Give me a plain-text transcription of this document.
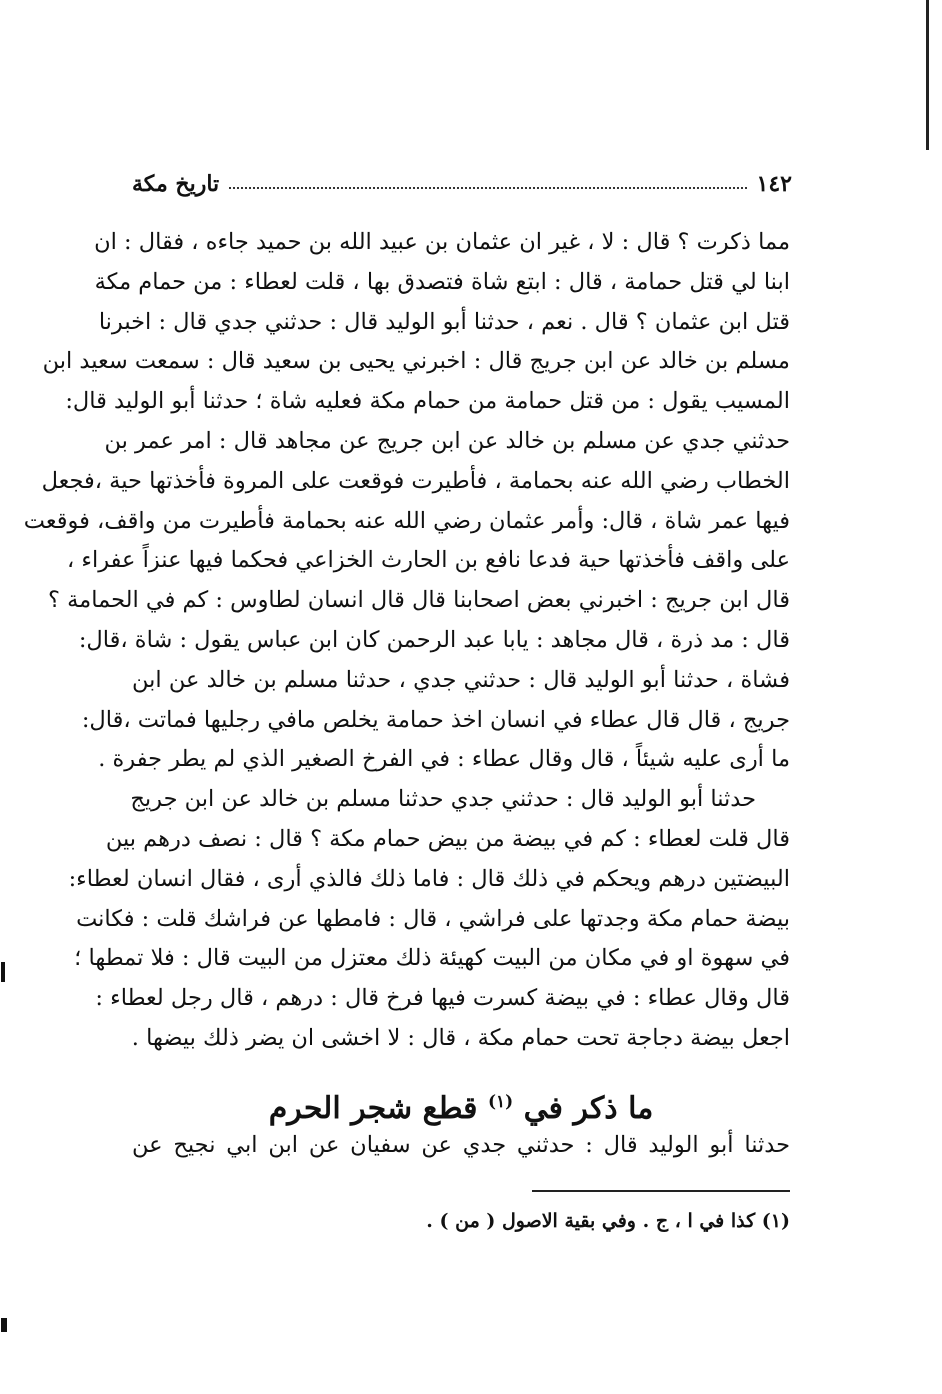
١٤٢
تاريخ مكة
مما ذكرت ؟ قال : لا ، غير ان عثمان بن عبيد الله بن حميد جاءه ، فقال : ان
ابنا لي قتل حمامة ، قال : ابتع شاة فتصدق بها ، قلت لعطاء : من حمام مكة
قتل ابن عثمان ؟ قال . نعم ، حدثنا أبو الوليد قال : حدثني جدي قال : اخبرنا
مسلم بن خالد عن ابن جريج قال : اخبرني يحيى بن سعيد قال : سمعت سعيد ابن
المسيب يقول : من قتل حمامة من حمام مكة فعليه شاة ؛ حدثنا أبو الوليد قال:
حدثني جدي عن مسلم بن خالد عن ابن جريج عن مجاهد قال : امر عمر بن
الخطاب رضي الله عنه بحمامة ، فأطيرت فوقعت على المروة فأخذتها حية ،فجعل
فيها عمر شاة ، قال: وأمر عثمان رضي الله عنه بحمامة فأطيرت من واقف، فوقعت
على واقف فأخذتها حية فدعا نافع بن الحارث الخزاعي فحكما فيها عنزاً عفراء ،
قال ابن جريج : اخبرني بعض اصحابنا قال قال انسان لطاوس : كم في الحمامة ؟
قال : مد ذرة ، قال مجاهد : يابا عبد الرحمن كان ابن عباس يقول : شاة ،قال:
فشاة ، حدثنا أبو الوليد قال : حدثني جدي ، حدثنا مسلم بن خالد عن ابن
جريج ، قال قال عطاء في انسان اخذ حمامة يخلص مافي رجليها فماتت ،قال:
ما أرى عليه شيئاً ، قال وقال عطاء : في الفرخ الصغير الذي لم يطر جفرة .
حدثنا أبو الوليد قال : حدثني جدي حدثنا مسلم بن خالد عن ابن جريج
قال قلت لعطاء : كم في بيضة من بيض حمام مكة ؟ قال : نصف درهم بين
البيضتين درهم ويحكم في ذلك قال : فاما ذلك فالذي أرى ، فقال انسان لعطاء:
بيضة حمام مكة وجدتها على فراشي ، قال : فامطها عن فراشك قلت : فكانت
في سهوة او في مكان من البيت كهيئة ذلك معتزل من البيت قال : فلا تمطها ؛
قال وقال عطاء : في بيضة كسرت فيها فرخ قال : درهم ، قال رجل لعطاء :
اجعل بيضة دجاجة تحت حمام مكة ، قال : لا اخشى ان يضر ذلك بيضها .
ما ذكر في $^{(١)}$ قطع شجر الحرم
حدثنا أبو الوليد قال : حدثني جدي عن سفيان عن ابن ابي نجيح عن
(١) كذا في ا ، ج . وفي بقية الاصول ( من ) .
